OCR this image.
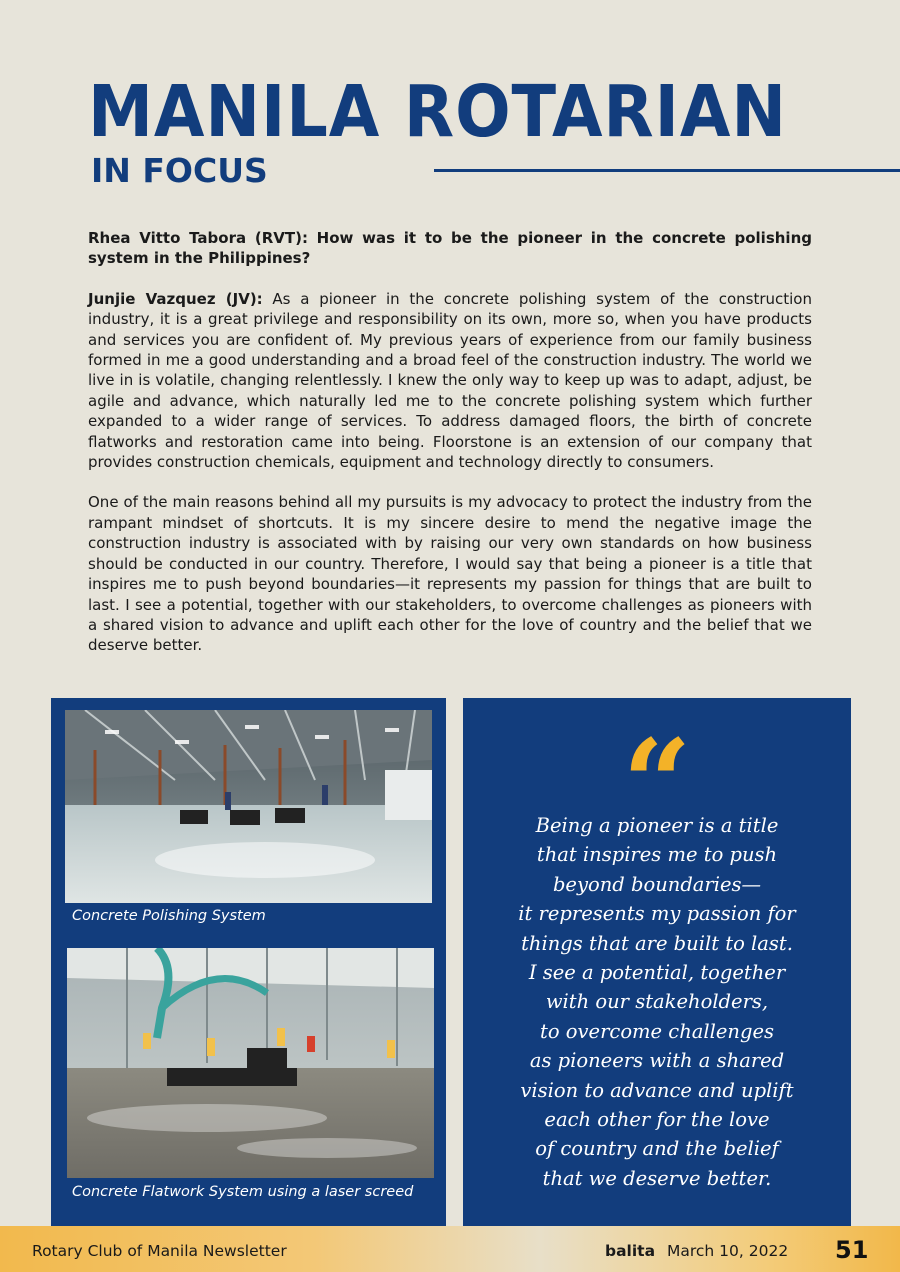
MANILA ROTARIAN
IN FOCUS
Rhea Vitto Tabora (RVT): How was it to be the pioneer in the concrete polishing system in the Philippines?

Junjie Vazquez (JV): As a pioneer in the concrete polishing system of the construction industry, it is a great privilege and responsibility on its own, more so, when you have products and services you are confident of. My previous years of experience from our family business formed in me a good understanding and a broad feel of the construction industry. The world we live in is volatile, changing relentlessly. I knew the only way to keep up was to adapt, adjust, be agile and advance, which naturally led me to the concrete polishing system which further expanded to a wider range of services. To address damaged floors, the birth of concrete flatworks and restoration came into being. Floorstone is an extension of our company that provides construction chemicals, equipment and technology directly to consumers.

One of the main reasons behind all my pursuits is my advocacy to protect the industry from the rampant mindset of shortcuts. It is my sincere desire to mend the negative image the construction industry is associated with by raising our very own standards on how business should be conducted in our country. Therefore, I would say that being a pioneer is a title that inspires me to push beyond boundaries—it represents my passion for things that are built to last. I see a potential, together with our stakeholders, to overcome challenges as pioneers with a shared vision to advance and uplift each other for the love of country and the belief that we deserve better.

Concrete Polishing System
Concrete Flatwork System using a laser screed
“
Being a pioneer is a title
that inspires me to push
beyond boundaries—
it represents my passion for
things that are built to last.
I see a potential, together
with our stakeholders,
to overcome challenges
as pioneers with a shared
vision to advance and uplift
each other for the love
of country and the belief
that we deserve better.
Rotary Club of Manila Newsletter	balita March 10, 2022 51
